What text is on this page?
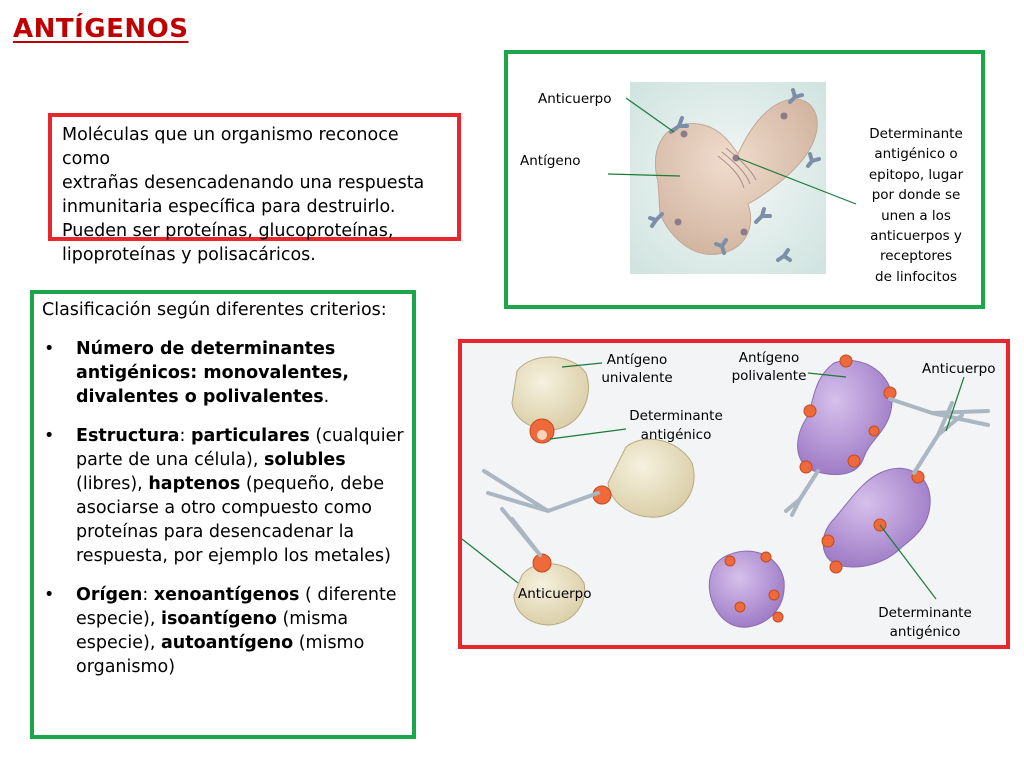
ANTÍGENOS

Moléculas que un organismo reconoce como

extrañas desencadenando una respuesta

inmunitaria específica para destruirlo.

Pueden ser proteínas, glucoproteínas,

lipoproteínas y polisacáricos.

Clasificación según diferentes criterios:

• Número de determinantes antigénicos: monovalentes, divalentes o polivalentes.
• Estructura: particulares (cualquier parte de una célula), solubles (libres), haptenos (pequeño, debe asociarse a otro compuesto como proteínas para desencadenar la respuesta, por ejemplo los metales)
• Orígen: xenoantígenos ( diferente especie), isoantígeno (misma especie), autoantígeno (mismo organismo)
Anticuerpo
Antígeno
Determinante
antigénico o
epitopo, lugar
por donde se
unen a los
anticuerpos y
receptores
de linfocitos
Antígeno
univalente
Antígeno
polivalente	Anticuerpo
Determinante
antigénico
Anticuerpo
Determinante
antigénico
